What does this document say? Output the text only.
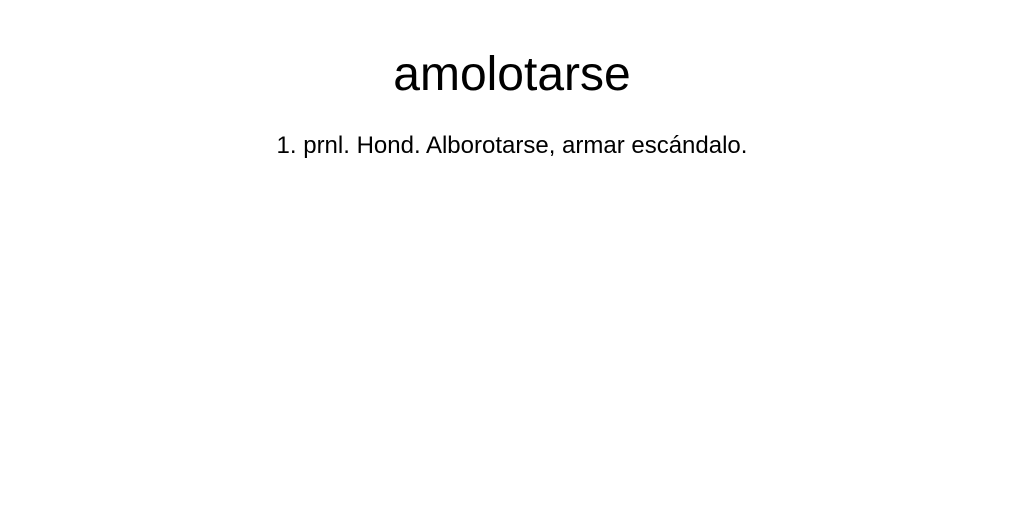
amolotarse

1. prnl. Hond. Alborotarse, armar escándalo.
